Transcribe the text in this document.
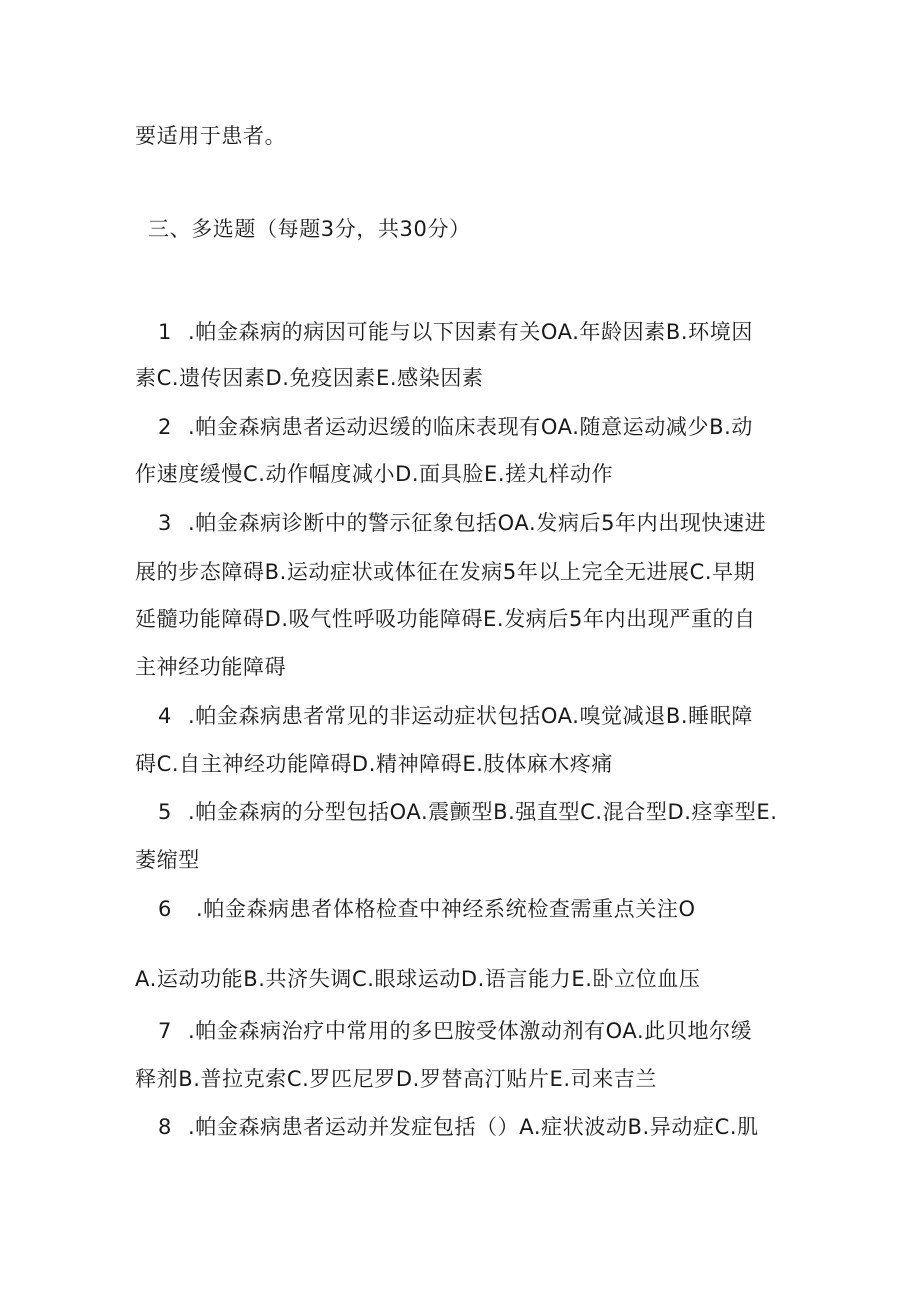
要适用于患者。
三、多选题（每题3分，共30分）
1 .帕金森病的病因可能与以下因素有关OA.年龄因素B.环境因
素C.遗传因素D.免疫因素E.感染因素
2 .帕金森病患者运动迟缓的临床表现有OA.随意运动减少B.动
作速度缓慢C.动作幅度减小D.面具脸E.搓丸样动作
3 .帕金森病诊断中的警示征象包括OA.发病后5年内出现快速进
展的步态障碍B.运动症状或体征在发病5年以上完全无进展C.早期
延髓功能障碍D.吸气性呼吸功能障碍E.发病后5年内出现严重的自
主神经功能障碍
4 .帕金森病患者常见的非运动症状包括OA.嗅觉减退B.睡眠障
碍C.自主神经功能障碍D.精神障碍E.肢体麻木疼痛
5 .帕金森病的分型包括OA.震颤型B.强直型C.混合型D.痉挛型E.
萎缩型
6 .帕金森病患者体格检查中神经系统检查需重点关注O
A.运动功能B.共济失调C.眼球运动D.语言能力E.卧立位血压
7 .帕金森病治疗中常用的多巴胺受体激动剂有OA.此贝地尔缓
释剂B.普拉克索C.罗匹尼罗D.罗替高汀贴片E.司来吉兰
8 .帕金森病患者运动并发症包括（）A.症状波动B.异动症C.肌
